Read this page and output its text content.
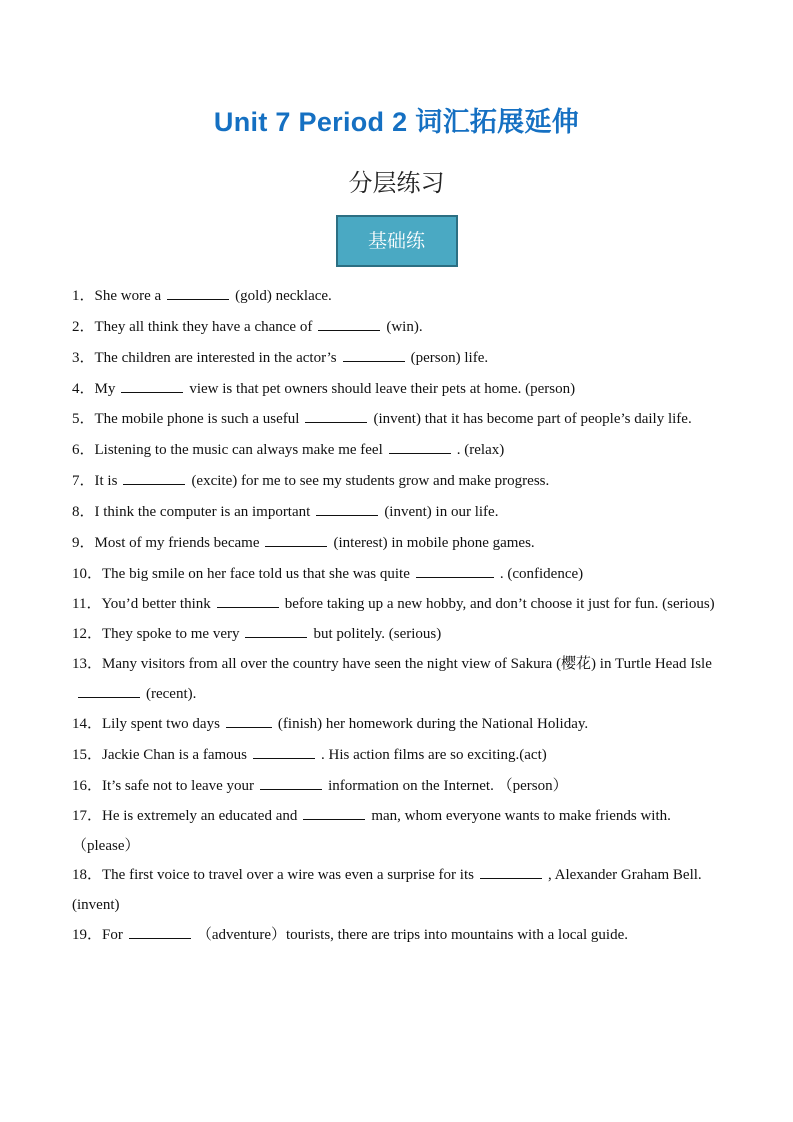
Unit 7 Period 2 词汇拓展延伸
分层练习
基础练
1．She wore a	(gold) necklace.
2．They all think they have a chance of	(win).
3．The children are interested in the actor’s	(person) life.
4．My	view is that pet owners should leave their pets at home. (person)
5．The mobile phone is such a useful	(invent) that it has become part of people’s daily life.
6．Listening to the music can always make me feel	. (relax)
7．It is	(excite) for me to see my students grow and make progress.
8．I think the computer is an important	(invent) in our life.
9．Most of my friends became	(interest) in mobile phone games.
10．The big smile on her face told us that she was quite	. (confidence)
11．You’d better think	before taking up a new hobby, and don’t choose it just for fun. (serious)
12．They spoke to me very	but politely. (serious)
13．Many visitors from all over the country have seen the night view of Sakura (樱花) in Turtle Head Isle(recent).
14．Lily spent two days	(finish) her homework during the National Holiday.
15．Jackie Chan is a famous	. His action films are so exciting.(act)
16．It’s safe not to leave your	information on the Internet. （person）
17．He is extremely an educated and	man, whom everyone wants to make friends with.（please）
18．The first voice to travel over a wire was even a surprise for its	, Alexander Graham Bell. (invent)
19．For	（adventure）tourists, there are trips into mountains with a local guide.
